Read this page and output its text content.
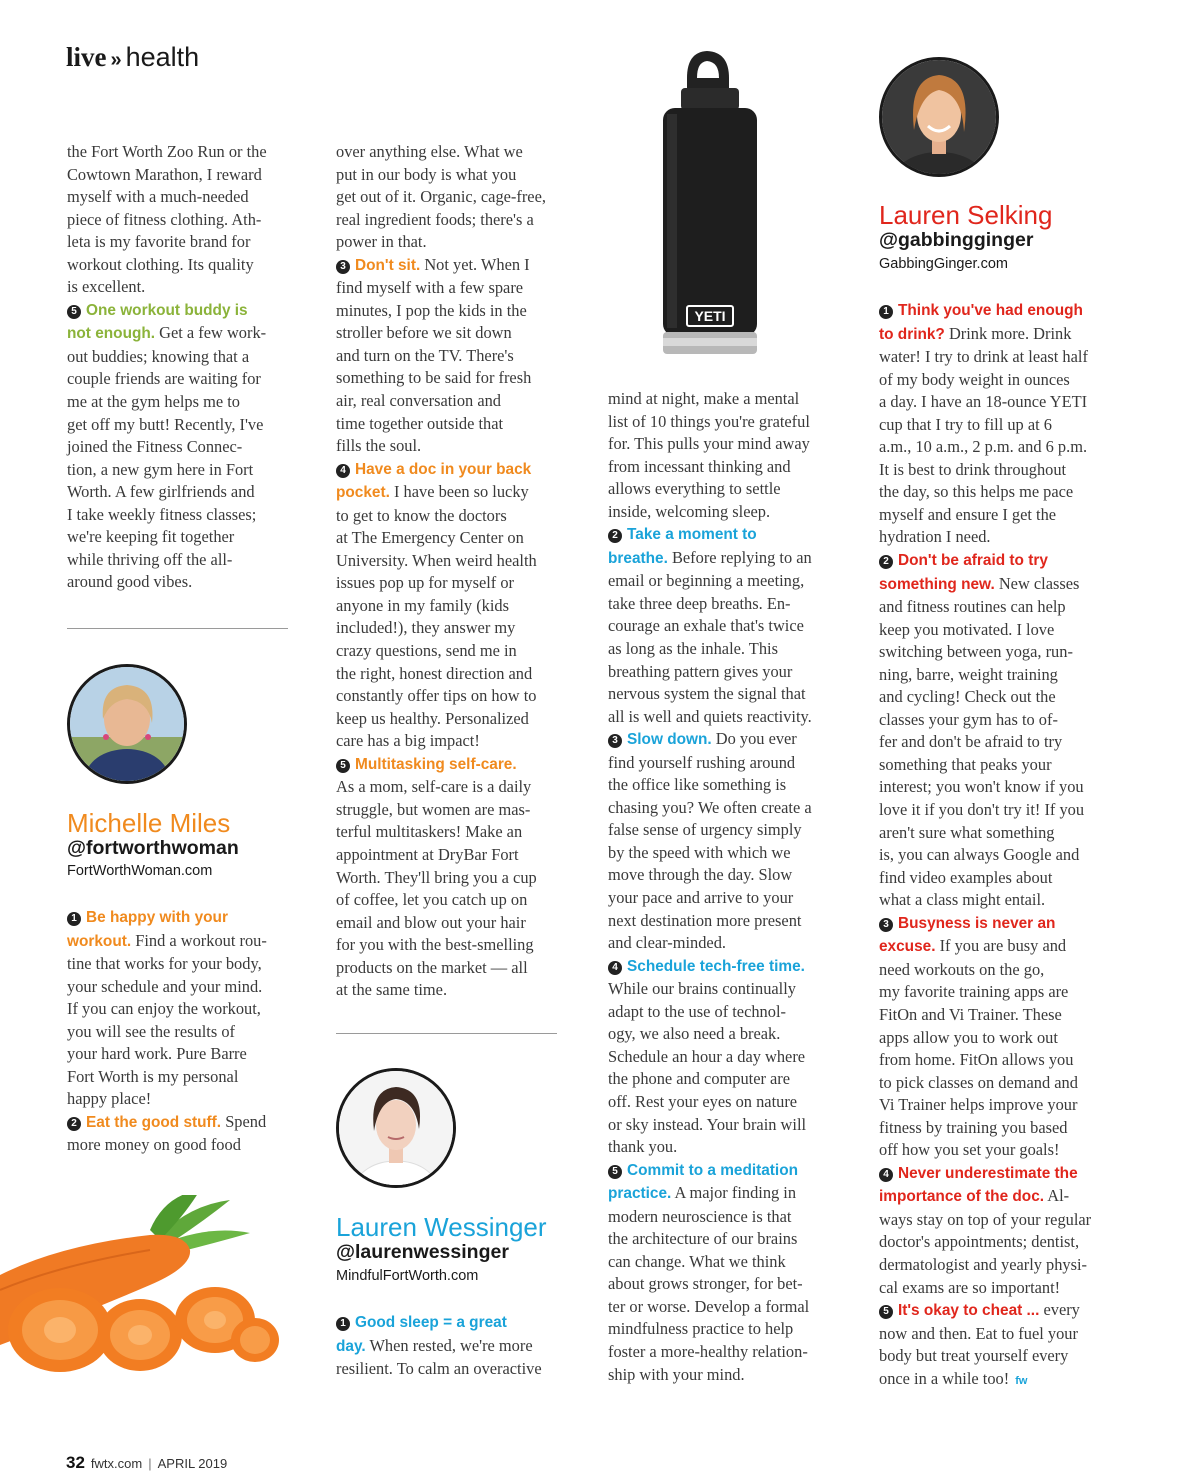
live » health

the Fort Worth Zoo Run or the

Cowtown Marathon, I reward

myself with a much-needed

piece of fitness clothing. Ath-

leta is my favorite brand for

workout clothing. Its quality

is excellent.

5 One workout buddy is

not enough. Get a few work-

out buddies; knowing that a

couple friends are waiting for

me at the gym helps me to

get off my butt! Recently, I've

joined the Fitness Connec-

tion, a new gym here in Fort

Worth. A few girlfriends and

I take weekly fitness classes;

we're keeping fit together

while thriving off the all-

around good vibes.

Michelle Miles
@fortworthwoman
FortWorthWoman.com

1 Be happy with your

workout. Find a workout rou-

tine that works for your body,

your schedule and your mind.

If you can enjoy the workout,

you will see the results of

your hard work. Pure Barre

Fort Worth is my personal

happy place!

2 Eat the good stuff. Spend

more money on good food

over anything else. What we

put in our body is what you

get out of it. Organic, cage-free,

real ingredient foods; there's a

power in that.

3 Don't sit. Not yet. When I

find myself with a few spare

minutes, I pop the kids in the

stroller before we sit down

and turn on the TV. There's

something to be said for fresh

air, real conversation and

time together outside that

fills the soul.

4 Have a doc in your back

pocket. I have been so lucky

to get to know the doctors

at The Emergency Center on

University. When weird health

issues pop up for myself or

anyone in my family (kids

included!), they answer my

crazy questions, send me in

the right, honest direction and

constantly offer tips on how to

keep us healthy. Personalized

care has a big impact!

5 Multitasking self-care.

As a mom, self-care is a daily

struggle, but women are mas-

terful multitaskers! Make an

appointment at DryBar Fort

Worth. They'll bring you a cup

of coffee, let you catch up on

email and blow out your hair

for you with the best-smelling

products on the market — all

at the same time.

Lauren Wessinger
@laurenwessinger
MindfulFortWorth.com

1 Good sleep = a great

day. When rested, we're more

resilient. To calm an overactive

YETI

mind at night, make a mental

list of 10 things you're grateful

for. This pulls your mind away

from incessant thinking and

allows everything to settle

inside, welcoming sleep.

2 Take a moment to

breathe. Before replying to an

email or beginning a meeting,

take three deep breaths. En-

courage an exhale that's twice

as long as the inhale. This

breathing pattern gives your

nervous system the signal that

all is well and quiets reactivity.

3 Slow down. Do you ever

find yourself rushing around

the office like something is

chasing you? We often create a

false sense of urgency simply

by the speed with which we

move through the day. Slow

your pace and arrive to your

next destination more present

and clear-minded.

4 Schedule tech-free time.

While our brains continually

adapt to the use of technol-

ogy, we also need a break.

Schedule an hour a day where

the phone and computer are

off. Rest your eyes on nature

or sky instead. Your brain will

thank you.

5 Commit to a meditation

practice. A major finding in

modern neuroscience is that

the architecture of our brains

can change. What we think

about grows stronger, for bet-

ter or worse. Develop a formal

mindfulness practice to help

foster a more-healthy relation-

ship with your mind.

Lauren Selking
@gabbingginger
GabbingGinger.com

1 Think you've had enough

to drink? Drink more. Drink

water! I try to drink at least half

of my body weight in ounces

a day. I have an 18-ounce YETI

cup that I try to fill up at 6

a.m., 10 a.m., 2 p.m. and 6 p.m.

It is best to drink throughout

the day, so this helps me pace

myself and ensure I get the

hydration I need.

2 Don't be afraid to try

something new. New classes

and fitness routines can help

keep you motivated. I love

switching between yoga, run-

ning, barre, weight training

and cycling! Check out the

classes your gym has to of-

fer and don't be afraid to try

something that peaks your

interest; you won't know if you

love it if you don't try it! If you

aren't sure what something

is, you can always Google and

find video examples about

what a class might entail.

3 Busyness is never an

excuse. If you are busy and

need workouts on the go,

my favorite training apps are

FitOn and Vi Trainer. These

apps allow you to work out

from home. FitOn allows you

to pick classes on demand and

Vi Trainer helps improve your

fitness by training you based

off how you set your goals!

4 Never underestimate the

importance of the doc. Al-

ways stay on top of your regular

doctor's appointments; dentist,

dermatologist and yearly physi-

cal exams are so important!

5 It's okay to cheat ... every

now and then. Eat to fuel your

body but treat yourself every

once in a while too! fw

32 fwtx.com | APRIL 2019
